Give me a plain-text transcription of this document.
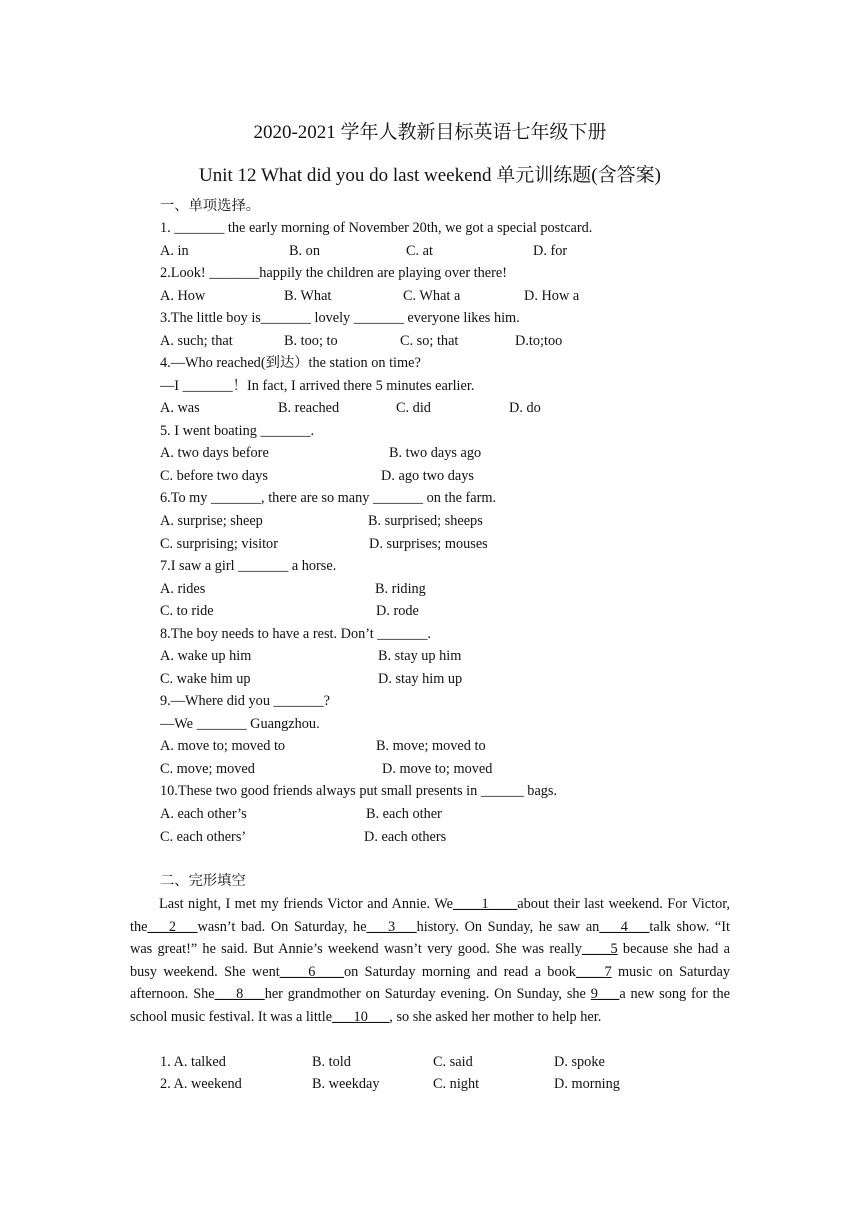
2020-2021 学年人教新目标英语七年级下册
Unit 12 What did you do last weekend 单元训练题(含答案)
一、单项选择。
1. _______ the early morning of November 20th, we got a special postcard.
A. in	B. on	C. at	D. for
2.Look! _______happily the children are playing over there!
A. How	B. What	C. What a	D. How a
3.The little boy is_______ lovely _______ everyone likes him.
A. such; that	B. too; to	C. so; that	D.to;too
4.—Who reached(到达）the station on time?
—I _______！In fact, I arrived there 5 minutes earlier.
A. was	B. reached	C. did	D. do
5. I went boating _______.
A. two days before	B. two days ago
C. before two days	D. ago two days
6.To my _______, there are so many _______ on the farm.
A. surprise; sheep	B. surprised; sheeps
C. surprising; visitor	D. surprises; mouses
7.I saw a girl _______ a horse.
A. rides	B. riding
C. to ride	D. rode
8.The boy needs to have a rest. Don’t _______.
A. wake up him	B. stay up him
C. wake him up	D. stay him up
9.—Where did you _______?
—We _______ Guangzhou.
A. move to; moved to	B. move; moved to
C. move; moved	D. move to; moved
10.These two good friends always put small presents in ______ bags.
A. each other’s	B. each other
C. each others’	D. each others
二、完形填空
Last night, I met my friends Victor and Annie. We____1____about their last weekend. For Victor, the___2___wasn’t bad. On Saturday, he___3___history. On Sunday, he saw an___4___talk show. “It was great!” he said. But Annie’s weekend wasn’t very good. She was really____5 because she had a busy weekend. She went____6____on Saturday morning and read a book____7 music on Saturday afternoon. She___8___her grandmother on Saturday evening. On Sunday, she 9___a new song for the school music festival. It was a little___10___, so she asked her mother to help her.
1. A. talked	B. told	C. said	D. spoke
2. A. weekend	B. weekday	C. night	D. morning
